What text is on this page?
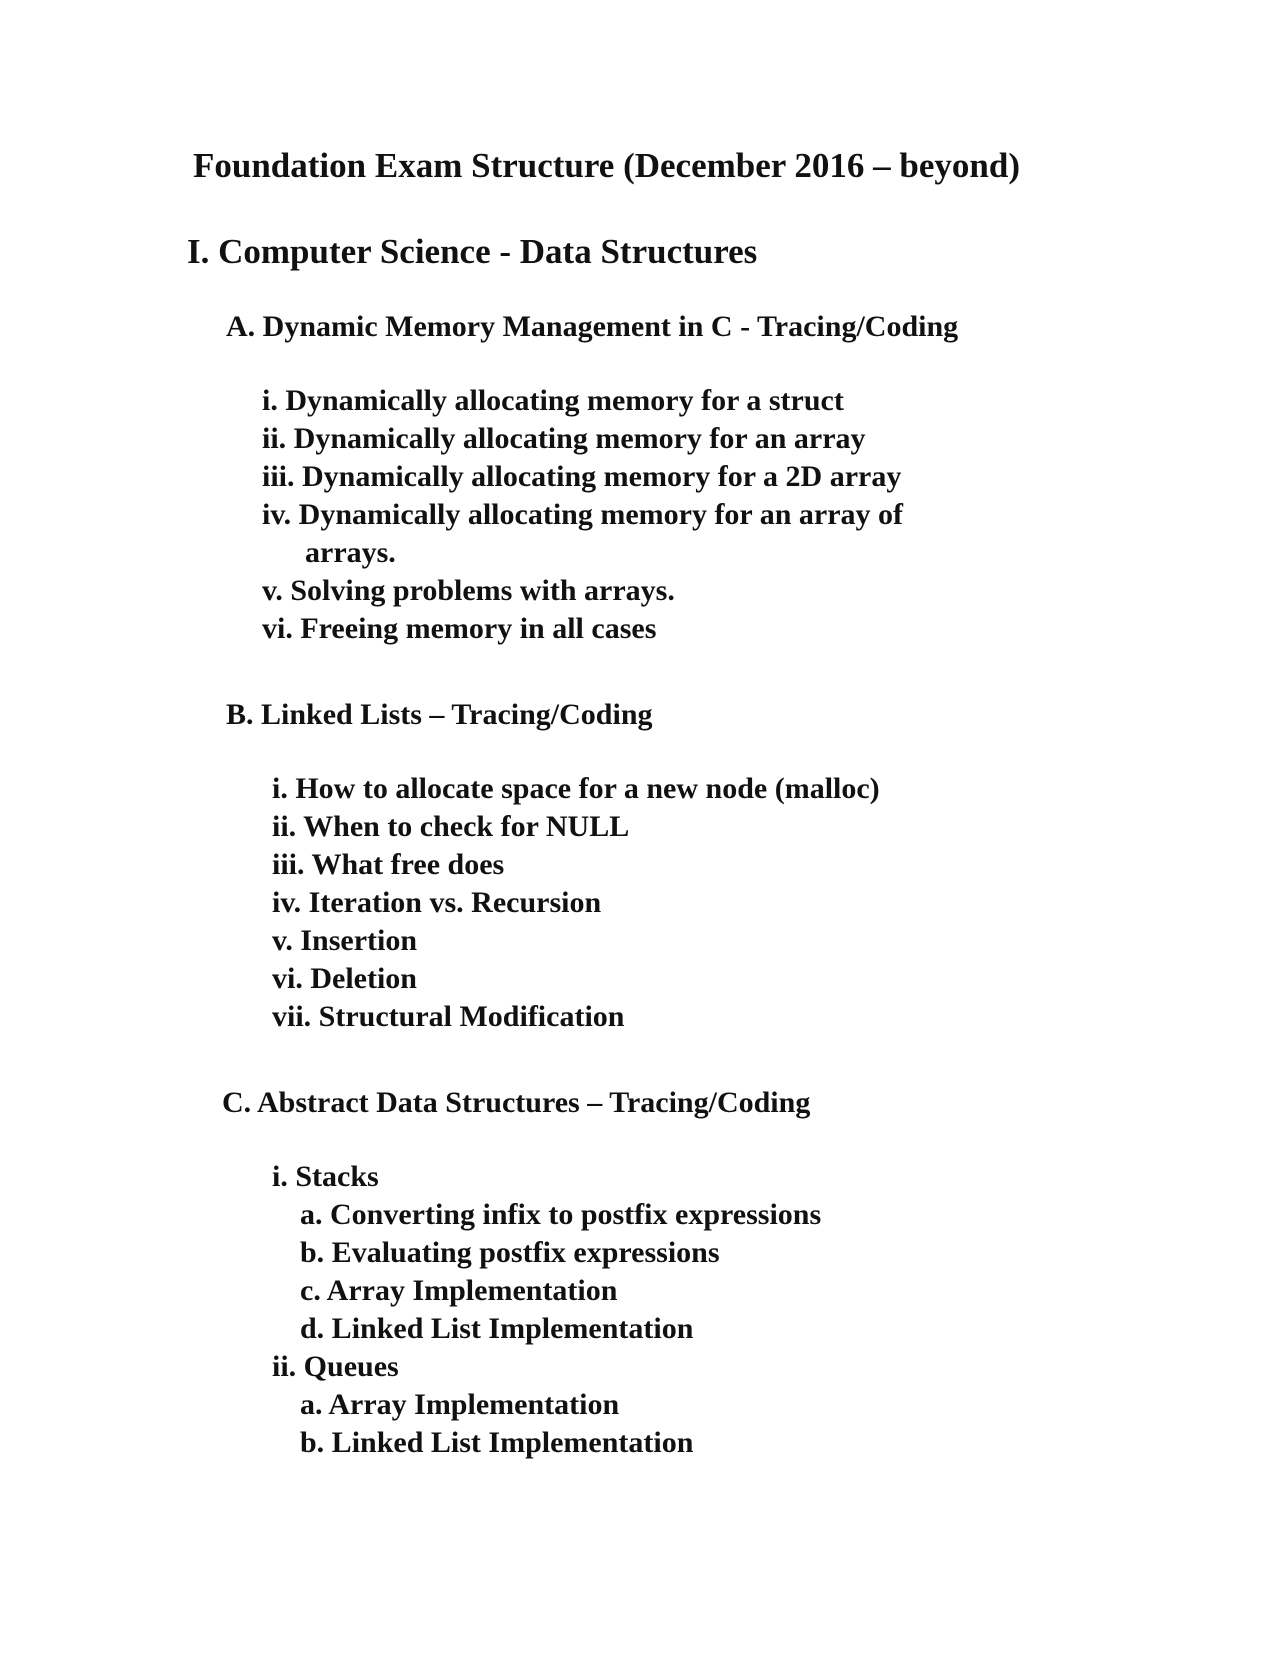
Foundation Exam Structure (December 2016 – beyond)

I. Computer Science - Data Structures

A. Dynamic Memory Management in C - Tracing/Coding

i. Dynamically allocating memory for a struct

ii. Dynamically allocating memory for an array

iii. Dynamically allocating memory for a 2D array

iv. Dynamically allocating memory for an array of

arrays.

v. Solving problems with arrays.

vi. Freeing memory in all cases

B. Linked Lists – Tracing/Coding

i. How to allocate space for a new node (malloc)

ii. When to check for NULL

iii. What free does

iv. Iteration vs. Recursion

v. Insertion

vi. Deletion

vii. Structural Modification

C. Abstract Data Structures – Tracing/Coding

i. Stacks

a. Converting infix to postfix expressions

b. Evaluating postfix expressions

c. Array Implementation

d. Linked List Implementation

ii. Queues

a. Array Implementation

b. Linked List Implementation
